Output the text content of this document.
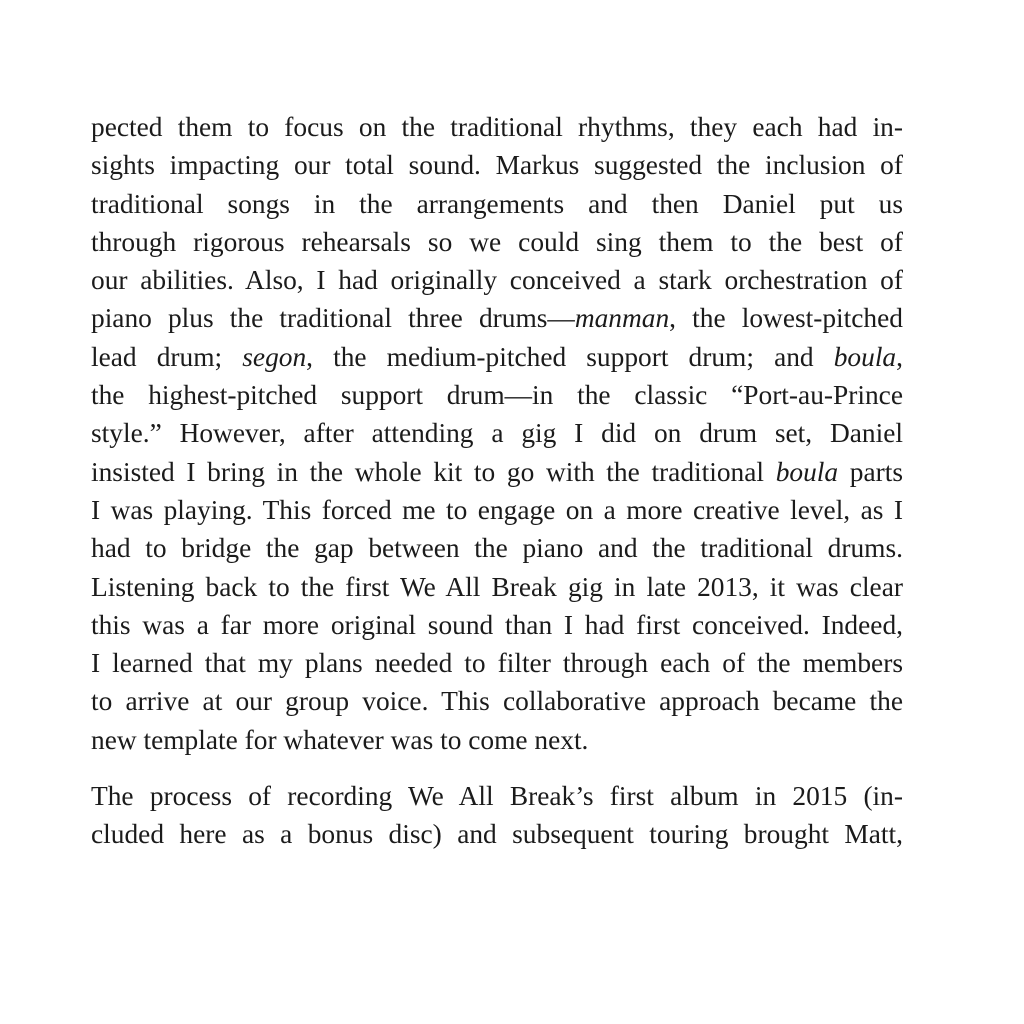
pected them to focus on the traditional rhythms, they each had in-
sights impacting our total sound. Markus suggested the inclusion of
traditional songs in the arrangements and then Daniel put us
through rigorous rehearsals so we could sing them to the best of
our abilities. Also, I had originally conceived a stark orchestration of
piano plus the traditional three drums—manman, the lowest-pitched
lead drum; segon, the medium-pitched support drum; and boula,
the highest-pitched support drum—in the classic “Port-au-Prince
style.” However, after attending a gig I did on drum set, Daniel
insisted I bring in the whole kit to go with the traditional boula parts
I was playing. This forced me to engage on a more creative level, as I
had to bridge the gap between the piano and the traditional drums.
Listening back to the first We All Break gig in late 2013, it was clear
this was a far more original sound than I had first conceived. Indeed,
I learned that my plans needed to filter through each of the members
to arrive at our group voice. This collaborative approach became the
new template for whatever was to come next.
The process of recording We All Break’s first album in 2015 (in-
cluded here as a bonus disc) and subsequent touring brought Matt,
